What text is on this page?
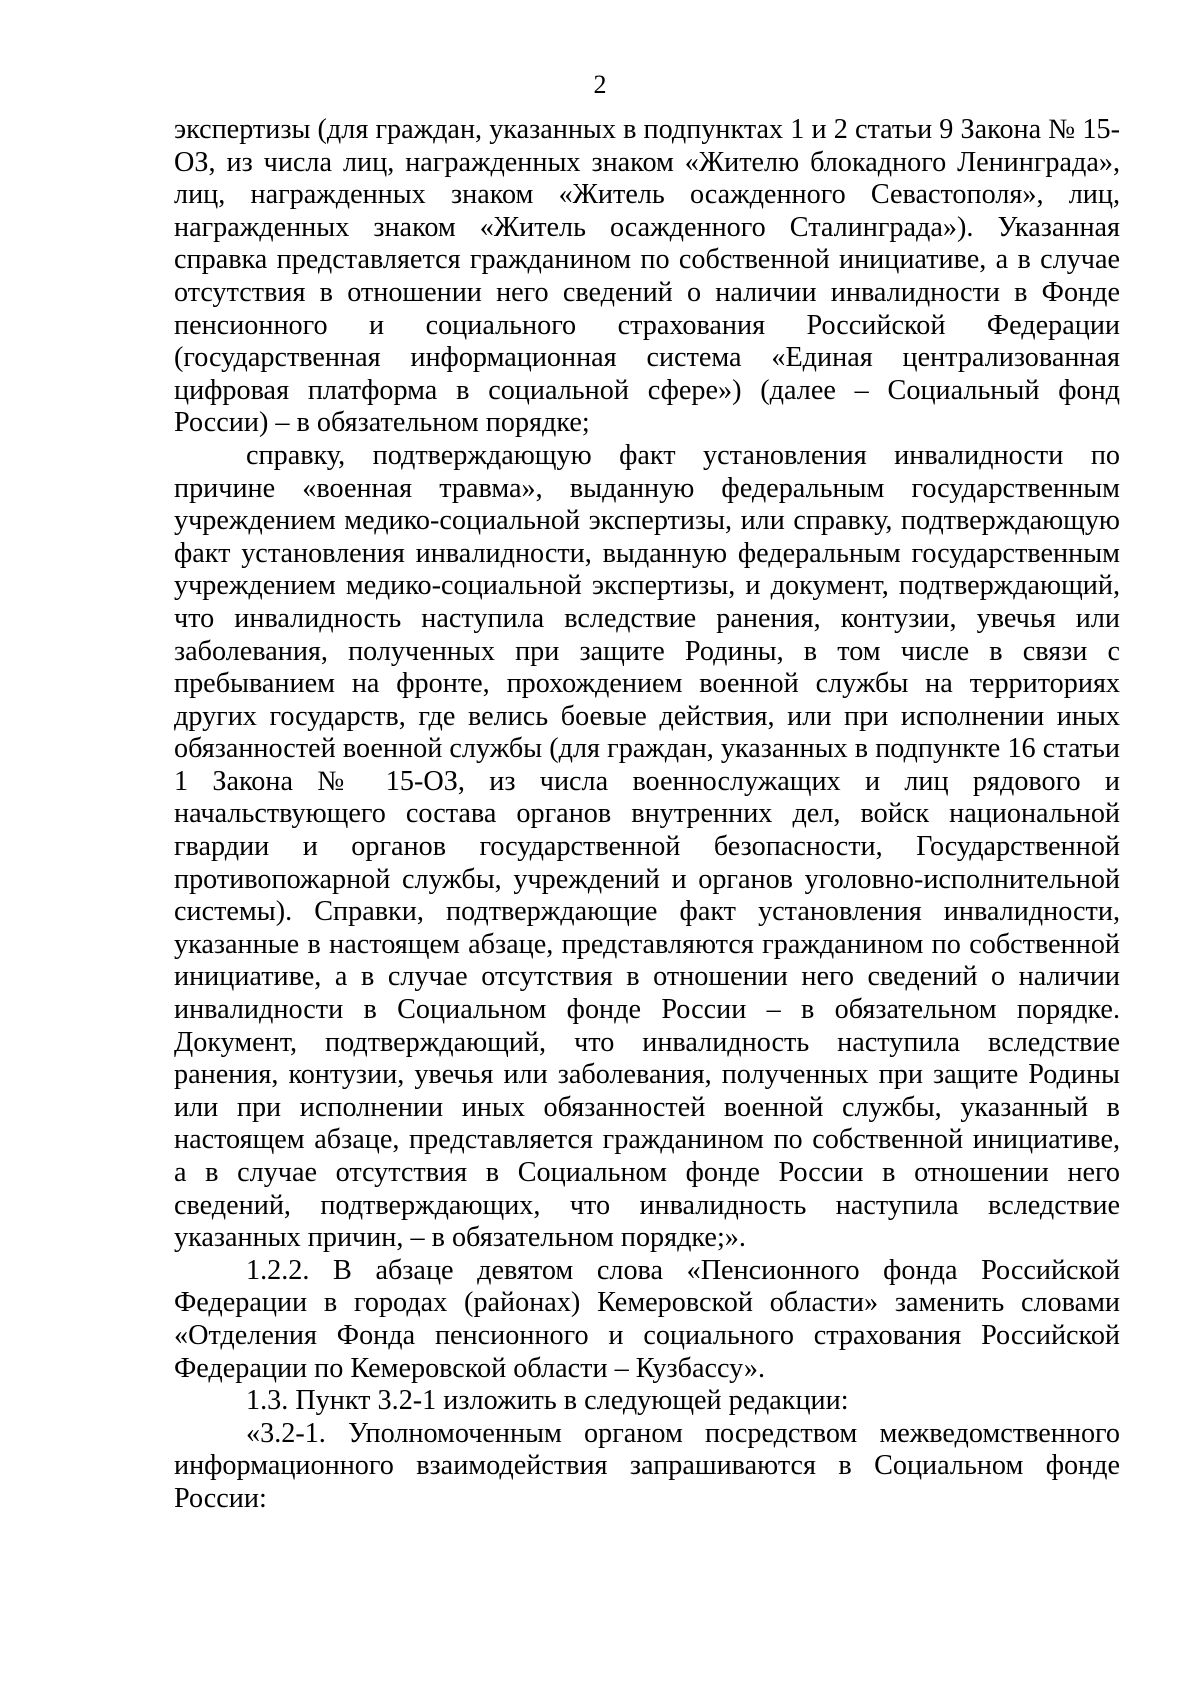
2

экспертизы (для граждан, указанных в подпунктах 1 и 2 статьи 9 Закона № 15-ОЗ, из числа лиц, награжденных знаком «Жителю блокадного Ленинграда», лиц, награжденных знаком «Житель осажденного Севастополя», лиц, награжденных знаком «Житель осажденного Сталинграда»). Указанная справка представляется гражданином по собственной инициативе, а в случае отсутствия в отношении него сведений о наличии инвалидности в Фонде пенсионного и социального страхования Российской Федерации (государственная информационная система «Единая централизованная цифровая платформа в социальной сфере») (далее – Социальный фонд России) – в обязательном порядке;

справку, подтверждающую факт установления инвалидности по причине «военная травма», выданную федеральным государственным учреждением медико-социальной экспертизы, или справку, подтверждающую факт установления инвалидности, выданную федеральным государственным учреждением медико-социальной экспертизы, и документ, подтверждающий, что инвалидность наступила вследствие ранения, контузии, увечья или заболевания, полученных при защите Родины, в том числе в связи с пребыванием на фронте, прохождением военной службы на территориях других государств, где велись боевые действия, или при исполнении иных обязанностей военной службы (для граждан, указанных в подпункте 16 статьи 1 Закона № 15-ОЗ, из числа военнослужащих и лиц рядового и начальствующего состава органов внутренних дел, войск национальной гвардии и органов государственной безопасности, Государственной противопожарной службы, учреждений и органов уголовно-исполнительной системы). Справки, подтверждающие факт установления инвалидности, указанные в настоящем абзаце, представляются гражданином по собственной инициативе, а в случае отсутствия в отношении него сведений о наличии инвалидности в Социальном фонде России – в обязательном порядке. Документ, подтверждающий, что инвалидность наступила вследствие ранения, контузии, увечья или заболевания, полученных при защите Родины или при исполнении иных обязанностей военной службы, указанный в настоящем абзаце, представляется гражданином по собственной инициативе, а в случае отсутствия в Социальном фонде России в отношении него сведений, подтверждающих, что инвалидность наступила вследствие указанных причин, – в обязательном порядке;».

1.2.2. В абзаце девятом слова «Пенсионного фонда Российской Федерации в городах (районах) Кемеровской области» заменить словами «Отделения Фонда пенсионного и социального страхования Российской Федерации по Кемеровской области – Кузбассу».

1.3. Пункт 3.2-1 изложить в следующей редакции:

«3.2-1. Уполномоченным органом посредством межведомственного информационного взаимодействия запрашиваются в Социальном фонде России:
